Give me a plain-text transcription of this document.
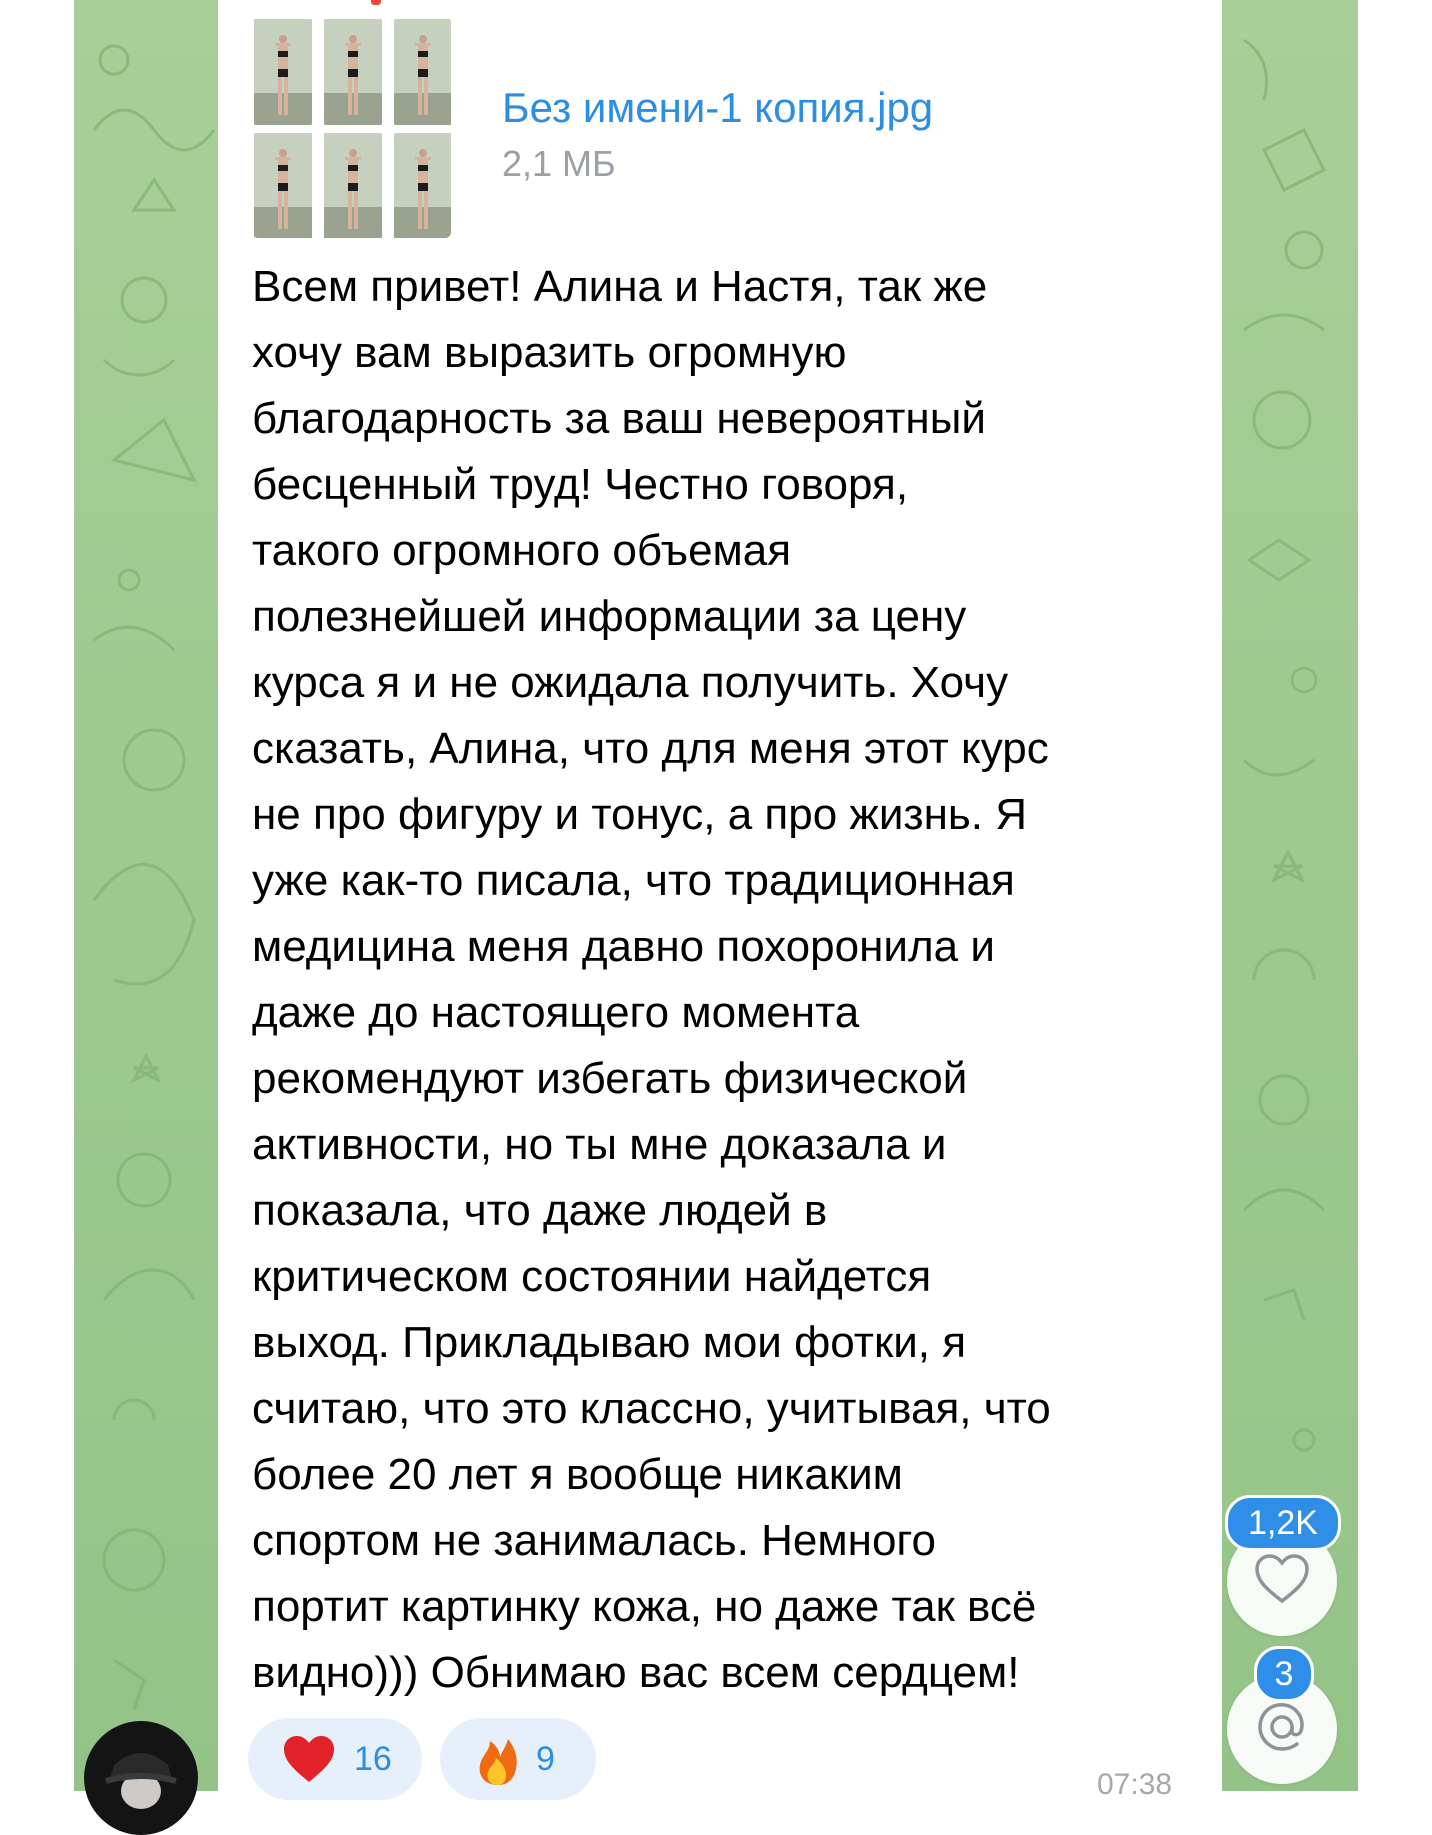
Без имени-1 копия.jpg
2,1 МБ

Всем привет! Алина и Настя, так же
хочу вам выразить огромную
благодарность за ваш невероятный
бесценный труд! Честно говоря,
такого огромного объемая
полезнейшей информации за цену
курса я и не ожидала получить. Хочу
сказать, Алина, что для меня этот курс
не про фигуру и тонус, а про жизнь. Я
уже как-то писала, что традиционная
медицина меня давно похоронила и
даже до настоящего момента
рекомендуют избегать физической
активности, но ты мне доказала и
показала, что даже людей в
критическом состоянии найдется
выход. Прикладываю мои фотки, я
считаю, что это классно, учитывая, что
более 20 лет я вообще никаким
спортом не занималась. Немного
портит картинку кожа, но даже так всё
видно))) Обнимаю вас всем сердцем!

16	9
07:38
1,2K
3
